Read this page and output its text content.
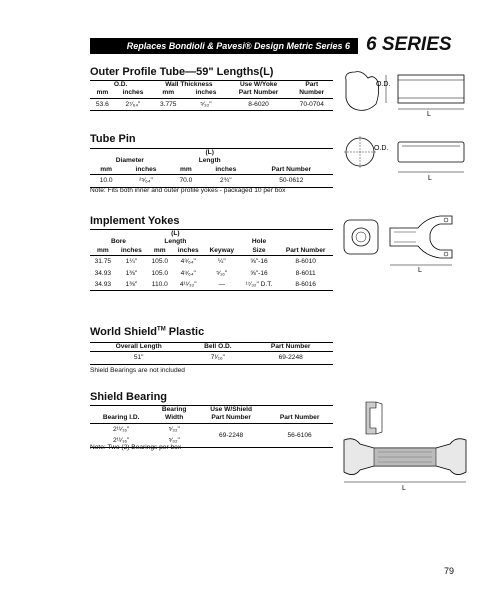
Replaces Bondioli & Pavesi® Design Metric Series 6 6 SERIES
Outer Profile Tube—59" Lengths(L)
O.D.		Wall Thickness		Use W/Yoke	Part
mm	inches	mm	inches	Part Number	Number
53.6	2⁷⁄₆₄"	3.775	⁵⁄₃₂"	8-6020	70-0704
O.D.
L
Tube Pin
		(L)		
Diameter		Length		
mm	inches	mm	inches	Part Number
10.0	²⁵⁄₆₄"	70.0	2¾"	50-0612
Note: Fits both inner and outer profile yokes - packaged 10 per box
O.D.
L
Implement Yokes
		(L)				
Bore		Length			Hole	
mm	inches	mm	inches	Keyway	Size	Part Number
31.75	1¼"	105.0	4⁹⁄₆₄"	¼"	⅝"-16	8-6010
34.93	1⅜"	105.0	4⁹⁄₆₄"	⁵⁄₁₆"	⅝"-16	8-6011
34.93	1⅜"	110.0	4¹¹⁄₃₂"	—	¹⁷⁄₃₂" D.T.	8-6016
L
World Shield™ Plastic
Overall Length	Bell O.D.	Part Number
51"	7¹⁄₁₆"	69-2248
Shield Bearings are not included
L
Shield Bearing
	Bearing	Use W/Shield	
Bearing I.D.	Width	Part Number	Part Number
2¹¹⁄₁₆"	⁵⁄₃₂"	69-2248	56-6106
2¹¹⁄₁₆"	⁵⁄₃₂"		
Note: Two (2) Bearings per box
79
